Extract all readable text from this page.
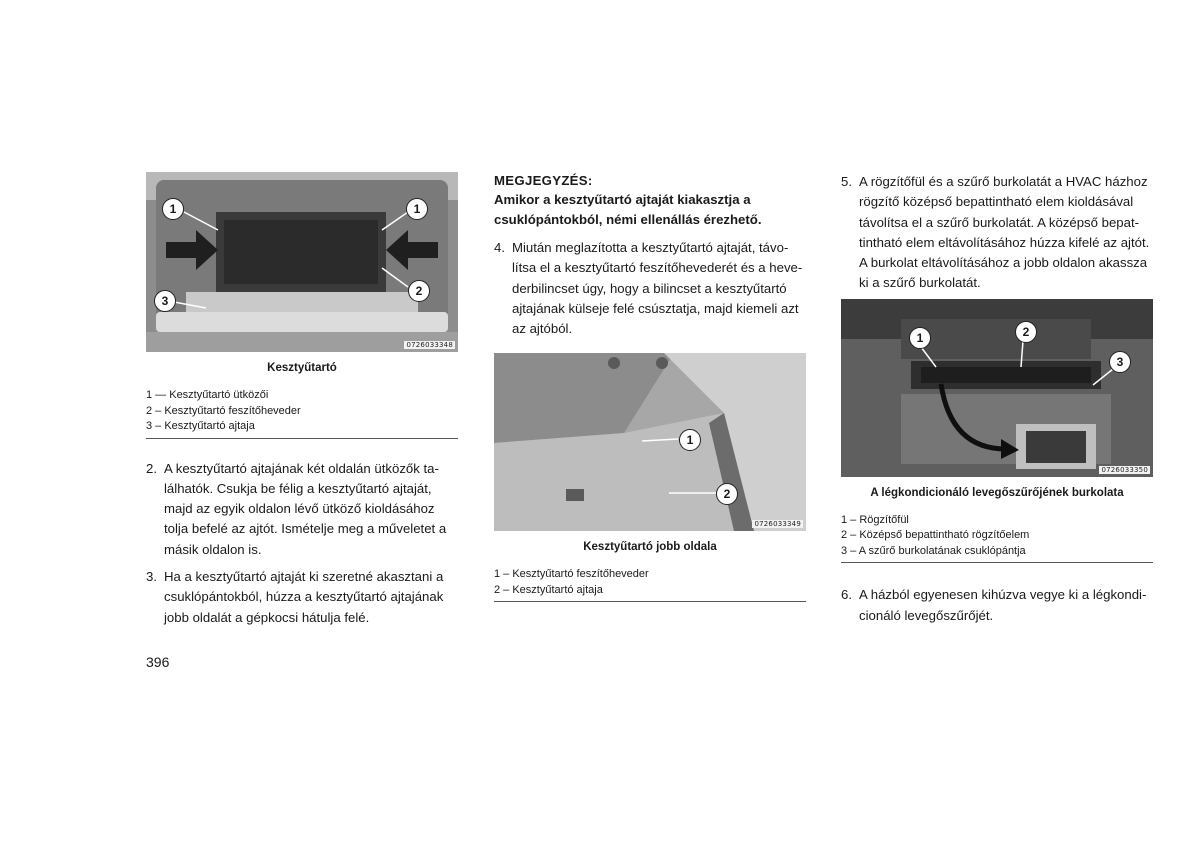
1	1
2
3
0726033348
Kesztyűtartó
1 — Kesztyűtartó ütközői
2 – Kesztyűtartó feszítőheveder
3 – Kesztyűtartó ajtaja
2. A kesztyűtartó ajtajának két oldalán ütközők ta-
lálhatók. Csukja be félig a kesztyűtartó ajtaját,
majd az egyik oldalon lévő ütköző kioldásához
tolja befelé az ajtót. Ismételje meg a műveletet a
másik oldalon is.
3. Ha a kesztyűtartó ajtaját ki szeretné akasztani a
csuklópántokból, húzza a kesztyűtartó ajtajának
jobb oldalát a gépkocsi hátulja felé.
MEGJEGYZÉS:
Amikor a kesztyűtartó ajtaját kiakasztja a
csuklópántokból, némi ellenállás érezhető.
4. Miután meglazította a kesztyűtartó ajtaját, távo-
lítsa el a kesztyűtartó feszítőhevederét és a heve-
derbilincset úgy, hogy a bilincset a kesztyűtartó
ajtajának külseje felé csúsztatja, majd kiemeli azt
az ajtóból.
1
2
0726033349
Kesztyűtartó jobb oldala
1 – Kesztyűtartó feszítőheveder
2 – Kesztyűtartó ajtaja
5. A rögzítőfül és a szűrő burkolatát a HVAC házhoz
rögzítő középső bepattintható elem kioldásával
távolítsa el a szűrő burkolatát. A középső bepat-
tintható elem eltávolításához húzza kifelé az ajtót.
A burkolat eltávolításához a jobb oldalon akassza
ki a szűrő burkolatát.
1	2
3
0726033350
A légkondicionáló levegőszűrőjének burkolata
1 – Rögzítőfül
2 – Középső bepattintható rögzítőelem
3 – A szűrő burkolatának csuklópántja
6. A házból egyenesen kihúzva vegye ki a légkondi-
cionáló levegőszűrőjét.
396
